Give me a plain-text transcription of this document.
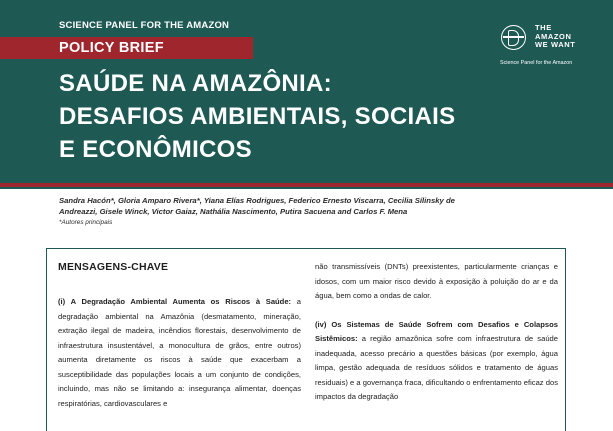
SCIENCE PANEL FOR THE AMAZON
POLICY BRIEF
SAÚDE NA AMAZÔNIA:
DESAFIOS AMBIENTAIS, SOCIAIS
E ECONÔMICOS
THE
AMAZON
WE WANT
Science Panel for the Amazon
Sandra Hacón*, Gloria Amparo Rivera*, Yiana Elías Rodrigues, Federico Ernesto Viscarra, Cecilia Sílinsky de
Andreazzi, Gisele Winck, Victor Gaiaz, Nathália Nascimento, Putira Sacuena and Carlos F. Mena
*Autores principais
MENSAGENS-CHAVE
(i) A Degradação Ambiental Aumenta os Riscos à Saúde: a degradação ambiental na Amazônia (desmatamento, mineração, extração ilegal de madeira, incêndios florestais, desenvolvimento de infraestrutura insustentável, a monocultura de grãos, entre outros) aumenta diretamente os riscos à saúde que exacerbam a susceptibilidade das populações locais a um conjunto de condições, incluindo, mas não se limitando a: insegurança alimentar, doenças respiratórias, cardiovasculares e
não transmissíveis (DNTs) preexistentes, particularmente crianças e idosos, com um maior risco devido à exposição à poluição do ar e da água, bem como a ondas de calor.
(iv) Os Sistemas de Saúde Sofrem com Desafios e Colapsos Sistêmicos: a região amazônica sofre com infraestrutura de saúde inadequada, acesso precário a questões básicas (por exemplo, água limpa, gestão adequada de resíduos sólidos e tratamento de águas residuais) e a governança fraca, dificultando o enfrentamento eficaz dos impactos da degradação
